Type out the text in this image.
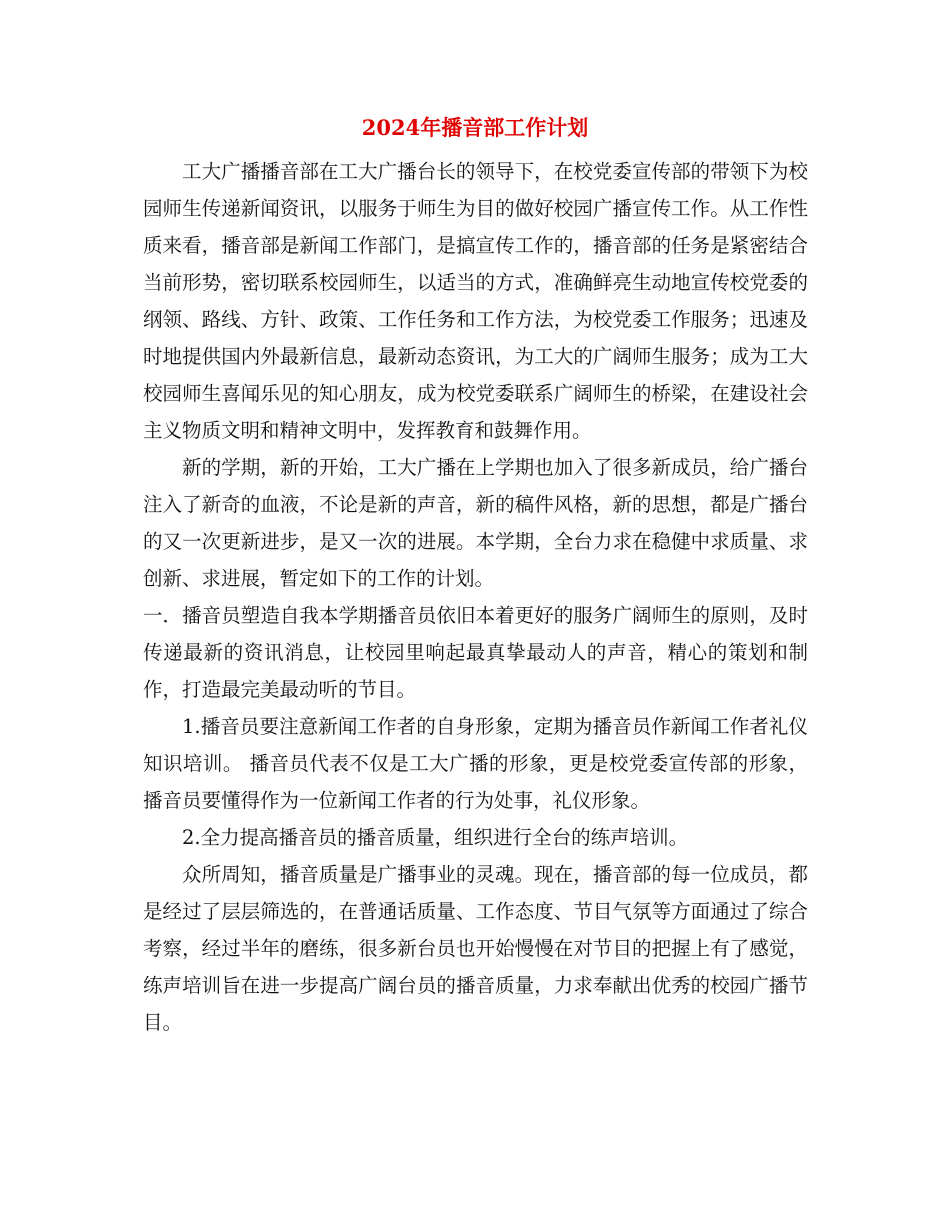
2024年播音部工作计划

工大广播播音部在工大广播台长的领导下，在校党委宣传部的带领下为校园师生传递新闻资讯，以服务于师生为目的做好校园广播宣传工作。从工作性质来看，播音部是新闻工作部门，是搞宣传工作的，播音部的任务是紧密结合当前形势，密切联系校园师生，以适当的方式，准确鲜亮生动地宣传校党委的纲领、路线、方针、政策、工作任务和工作方法，为校党委工作服务；迅速及时地提供国内外最新信息，最新动态资讯，为工大的广阔师生服务；成为工大校园师生喜闻乐见的知心朋友，成为校党委联系广阔师生的桥梁，在建设社会主义物质文明和精神文明中，发挥教育和鼓舞作用。

新的学期，新的开始，工大广播在上学期也加入了很多新成员，给广播台注入了新奇的血液，不论是新的声音，新的稿件风格，新的思想，都是广播台的又一次更新进步，是又一次的进展。本学期，全台力求在稳健中求质量、求创新、求进展，暂定如下的工作的计划。

一．播音员塑造自我本学期播音员依旧本着更好的服务广阔师生的原则，及时传递最新的资讯消息，让校园里响起最真挚最动人的声音，精心的策划和制作，打造最完美最动听的节目。

1.播音员要注意新闻工作者的自身形象，定期为播音员作新闻工作者礼仪知识培训。 播音员代表不仅是工大广播的形象，更是校党委宣传部的形象，播音员要懂得作为一位新闻工作者的行为处事，礼仪形象。

2.全力提高播音员的播音质量，组织进行全台的练声培训。

众所周知，播音质量是广播事业的灵魂。现在，播音部的每一位成员，都是经过了层层筛选的，在普通话质量、工作态度、节目气氛等方面通过了综合考察，经过半年的磨练，很多新台员也开始慢慢在对节目的把握上有了感觉，练声培训旨在进一步提高广阔台员的播音质量，力求奉献出优秀的校园广播节目。
